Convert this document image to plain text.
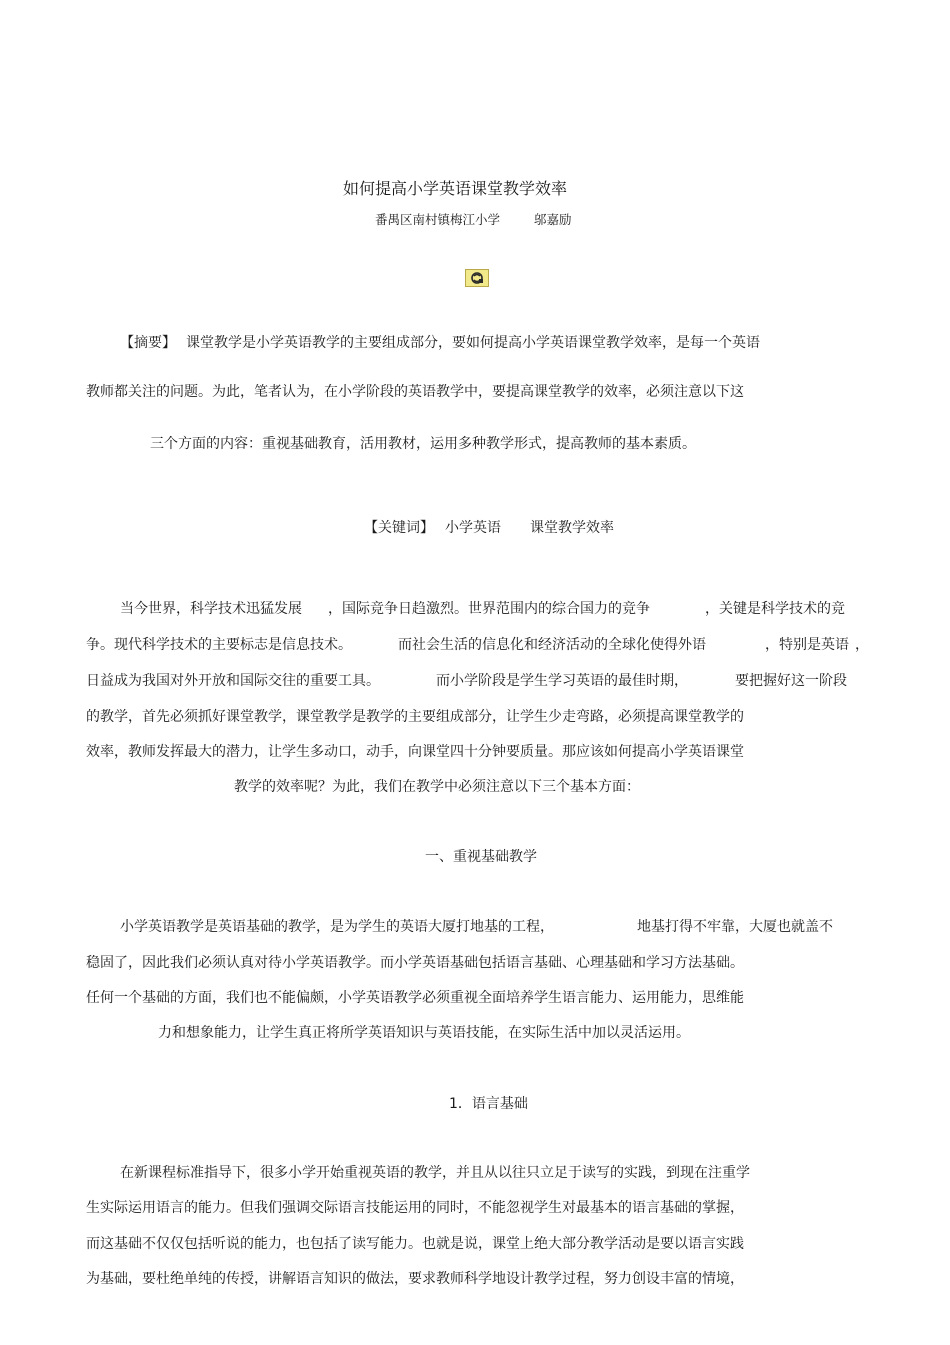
如何提高小学英语课堂教学效率

番禺区南村镇梅江小学	邬嘉励

【摘要】 课堂教学是小学英语教学的主要组成部分，要如何提高小学英语课堂教学效率，是每一个英语

教师都关注的问题。为此，笔者认为，在小学阶段的英语教学中，要提高课堂教学的效率，必须注意以下这

三个方面的内容：重视基础教育，活用教材，运用多种教学形式，提高教师的基本素质。

【关键词】 小学英语 课堂教学效率

当今世界，科学技术迅猛发展 ，国际竞争日趋激烈。世界范围内的综合国力的竞争	，关键是科学技术的竞

争。现代科学技术的主要标志是信息技术。	而社会生活的信息化和经济活动的全球化使得外语	，特别是英语 ，

日益成为我国对外开放和国际交往的重要工具。	而小学阶段是学生学习英语的最佳时期，	要把握好这一阶段

的教学，首先必须抓好课堂教学，课堂教学是教学的主要组成部分，让学生少走弯路，必须提高课堂教学的

效率，教师发挥最大的潜力，让学生多动口，动手，向课堂四十分钟要质量。那应该如何提高小学英语课堂

教学的效率呢？为此，我们在教学中必须注意以下三个基本方面：

一、重视基础教学

小学英语教学是英语基础的教学，是为学生的英语大厦打地基的工程，	地基打得不牢靠，大厦也就盖不

稳固了，因此我们必须认真对待小学英语教学。而小学英语基础包括语言基础、心理基础和学习方法基础。

任何一个基础的方面，我们也不能偏颇，小学英语教学必须重视全面培养学生语言能力、运用能力，思维能

力和想象能力，让学生真正将所学英语知识与英语技能，在实际生活中加以灵活运用。

1．语言基础

在新课程标准指导下，很多小学开始重视英语的教学，并且从以往只立足于读写的实践，到现在注重学

生实际运用语言的能力。但我们强调交际语言技能运用的同时，不能忽视学生对最基本的语言基础的掌握，

而这基础不仅仅包括听说的能力，也包括了读写能力。也就是说，课堂上绝大部分教学活动是要以语言实践

为基础，要杜绝单纯的传授，讲解语言知识的做法，要求教师科学地设计教学过程，努力创设丰富的情境，
